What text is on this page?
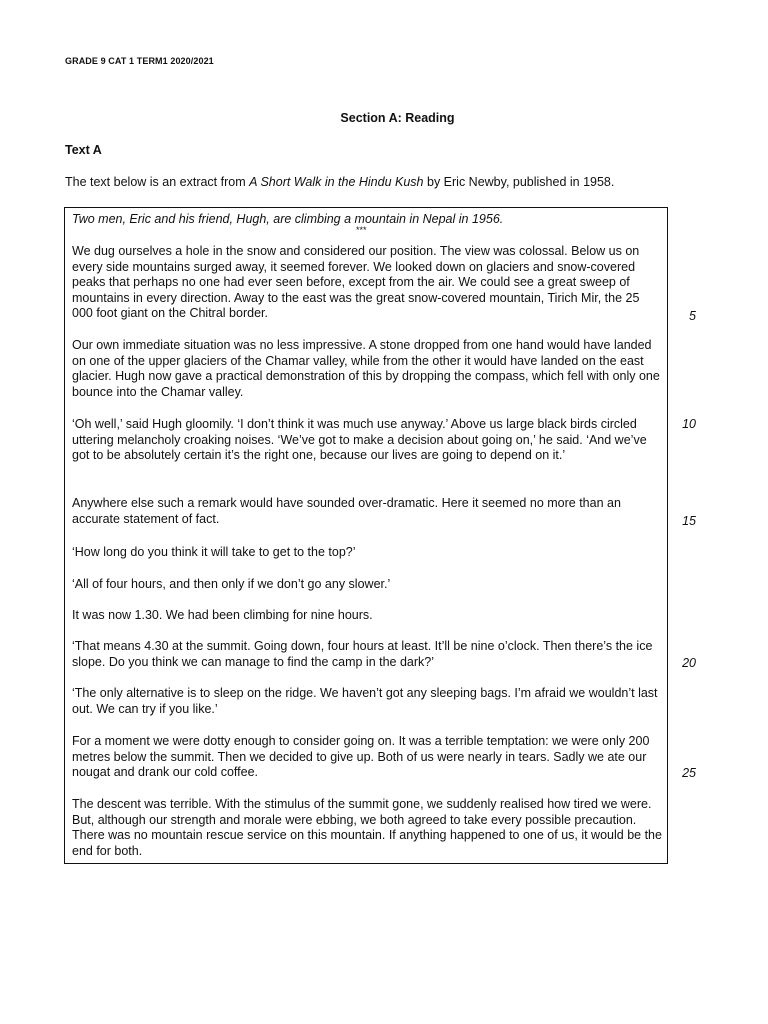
GRADE 9 CAT 1 TERM1 2020/2021
Section A: Reading
Text A
The text below is an extract from A Short Walk in the Hindu Kush by Eric Newby, published in 1958.
Two men, Eric and his friend, Hugh, are climbing a mountain in Nepal in 1956.
***
We dug ourselves a hole in the snow and considered our position. The view was colossal. Below us on every side mountains surged away, it seemed forever. We looked down on glaciers and snow-covered peaks that perhaps no one had ever seen before, except from the air. We could see a great sweep of mountains in every direction. Away to the east was the great snow-covered mountain, Tirich Mir, the 25 000 foot giant on the Chitral border.
Our own immediate situation was no less impressive. A stone dropped from one hand would have landed on one of the upper glaciers of the Chamar valley, while from the other it would have landed on the east glacier. Hugh now gave a practical demonstration of this by dropping the compass, which fell with only one bounce into the Chamar valley.
‘Oh well,’ said Hugh gloomily. ‘I don’t think it was much use anyway.’ Above us large black birds circled uttering melancholy croaking noises. ‘We’ve got to make a decision about going on,’ he said. ‘And we’ve got to be absolutely certain it’s the right one, because our lives are going to depend on it.’
Anywhere else such a remark would have sounded over-dramatic. Here it seemed no more than an accurate statement of fact.
‘How long do you think it will take to get to the top?’
‘All of four hours, and then only if we don’t go any slower.’
It was now 1.30. We had been climbing for nine hours.
‘That means 4.30 at the summit. Going down, four hours at least. It’ll be nine o’clock. Then there’s the ice slope. Do you think we can manage to find the camp in the dark?’
‘The only alternative is to sleep on the ridge. We haven’t got any sleeping bags. I’m afraid we wouldn’t last out. We can try if you like.’
For a moment we were dotty enough to consider going on. It was a terrible temptation: we were only 200 metres below the summit. Then we decided to give up. Both of us were nearly in tears. Sadly we ate our nougat and drank our cold coffee.
The descent was terrible. With the stimulus of the summit gone, we suddenly realised how tired we were. But, although our strength and morale were ebbing, we both agreed to take every possible precaution. There was no mountain rescue service on this mountain. If anything happened to one of us, it would be the end for both.
5
10
15
20
25
